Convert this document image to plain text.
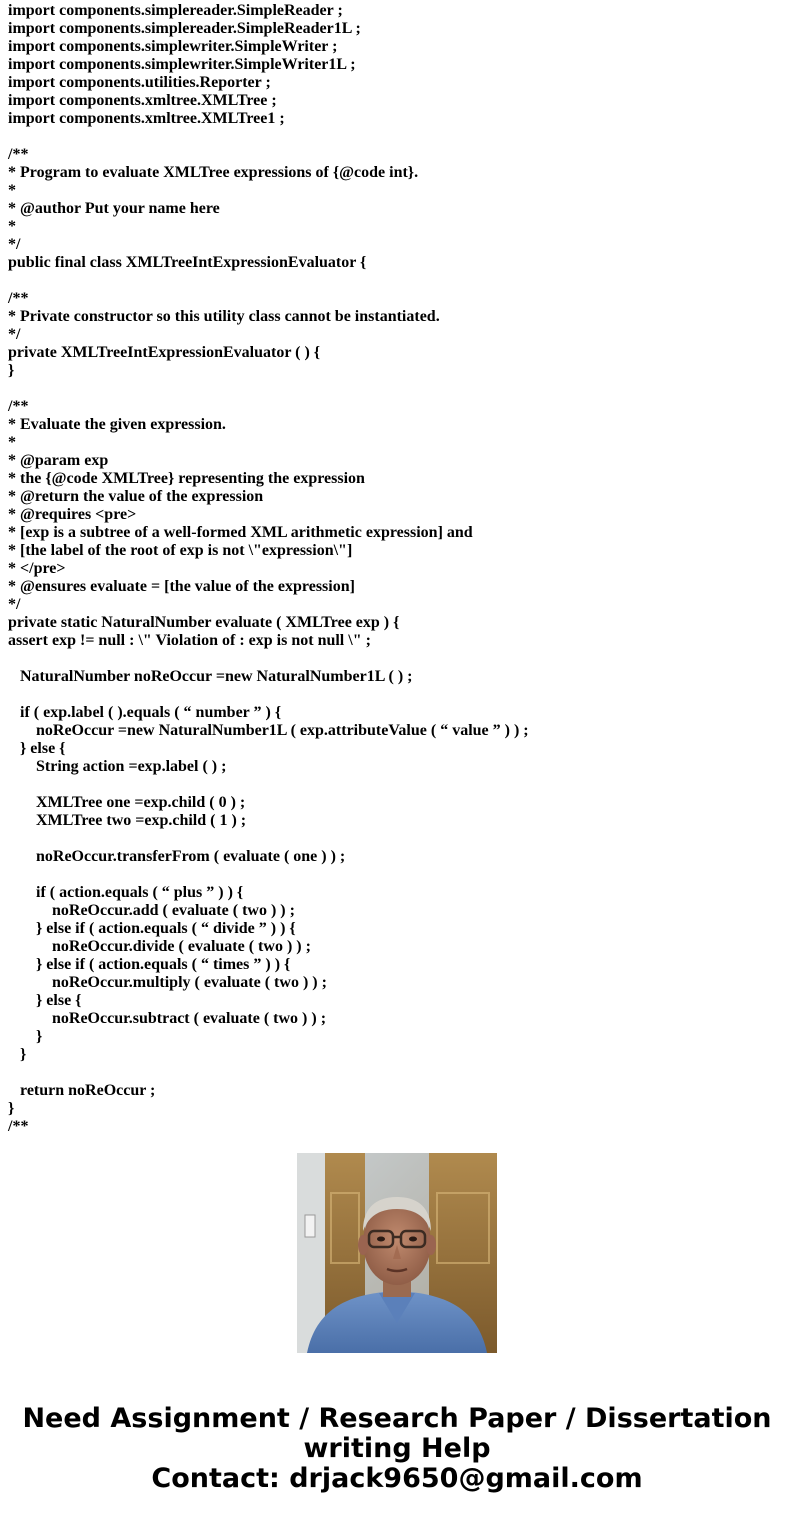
import components.simplereader.SimpleReader ;
import components.simplereader.SimpleReader1L ;
import components.simplewriter.SimpleWriter ;
import components.simplewriter.SimpleWriter1L ;
import components.utilities.Reporter ;
import components.xmltree.XMLTree ;
import components.xmltree.XMLTree1 ;
/**
* Program to evaluate XMLTree expressions of {@code int}.
*
* @author Put your name here
*
*/
public final class XMLTreeIntExpressionEvaluator {
/**
* Private constructor so this utility class cannot be instantiated.
*/
private XMLTreeIntExpressionEvaluator ( ) {
}
/**
* Evaluate the given expression.
*
* @param exp
* the {@code XMLTree} representing the expression
* @return the value of the expression
* @requires <pre>
* [exp is a subtree of a well-formed XML arithmetic expression] and
* [the label of the root of exp is not \"expression\"]
* </pre>
* @ensures evaluate = [the value of the expression]
*/
private static NaturalNumber evaluate ( XMLTree exp ) {
assert exp != null : \" Violation of : exp is not null \" ;
NaturalNumber noReOccur =new NaturalNumber1L ( ) ;
if ( exp.label ( ).equals ( “ number ” ) {
noReOccur =new NaturalNumber1L ( exp.attributeValue ( “ value ” ) ) ;
} else {
String action =exp.label ( ) ;
XMLTree one =exp.child ( 0 ) ;
XMLTree two =exp.child ( 1 ) ;
noReOccur.transferFrom ( evaluate ( one ) ) ;
if ( action.equals ( “ plus ” ) ) {
noReOccur.add ( evaluate ( two ) ) ;
} else if ( action.equals ( “ divide ” ) ) {
noReOccur.divide ( evaluate ( two ) ) ;
} else if ( action.equals ( “ times ” ) ) {
noReOccur.multiply ( evaluate ( two ) ) ;
} else {
noReOccur.subtract ( evaluate ( two ) ) ;
}
}
return noReOccur ;
}
/**
Need Assignment / Research Paper / Dissertation
writing Help
Contact: drjack9650@gmail.com
